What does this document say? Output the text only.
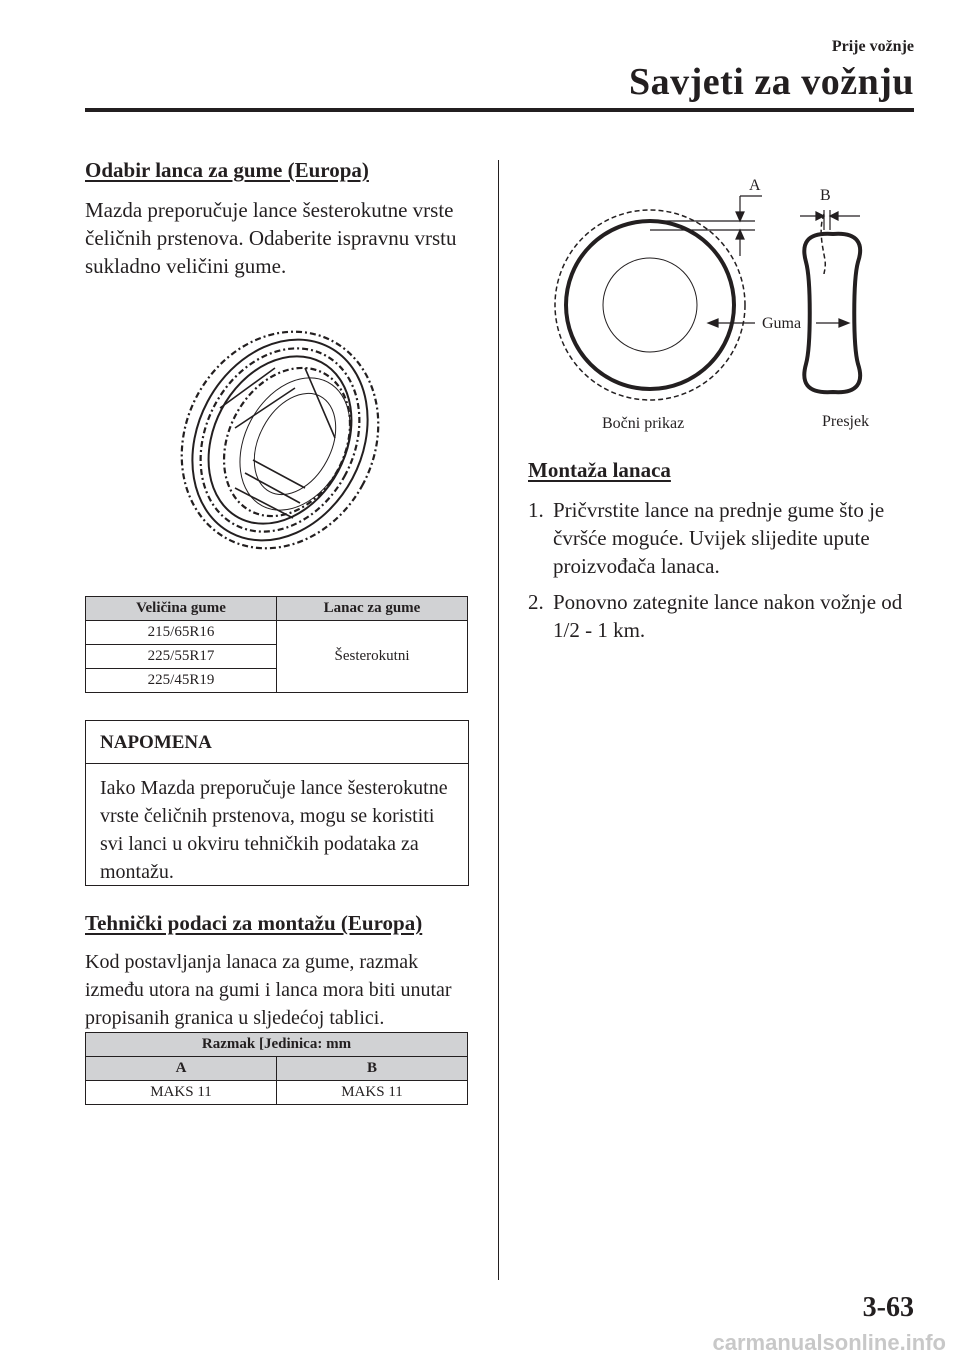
Prije vožnje
Savjeti za vožnju
Odabir lanca za gume (Europa)

Mazda preporučuje lance šesterokutne vrste čeličnih prstenova. Odaberite ispravnu vrstu sukladno veličini gume.

Veličina gume	Lanac za gume
215/65R16	Šesterokutni
225/55R17	
225/45R19	
NAPOMENA
Iako Mazda preporučuje lance šesterokutne vrste čeličnih prstenova, mogu se koristiti svi lanci u okviru tehničkih podataka za montažu.
Tehnički podaci za montažu (Europa)

Kod postavljanja lanaca za gume, razmak između utora na gumi i lanca mora biti unutar propisanih granica u sljedećoj tablici.

Razmak [Jedinica: mm	
A	B
MAKS 11	MAKS 11
A
B
Guma
Bočni prikaz	Presjek
Montaža lanaca
1. Pričvrstite lance na prednje gume što je čvršće moguće. Uvijek slijedite upute proizvođača lanaca.
2. Ponovno zategnite lance nakon vožnje od 1/2 - 1 km.
3-63
carmanualsonline.info
